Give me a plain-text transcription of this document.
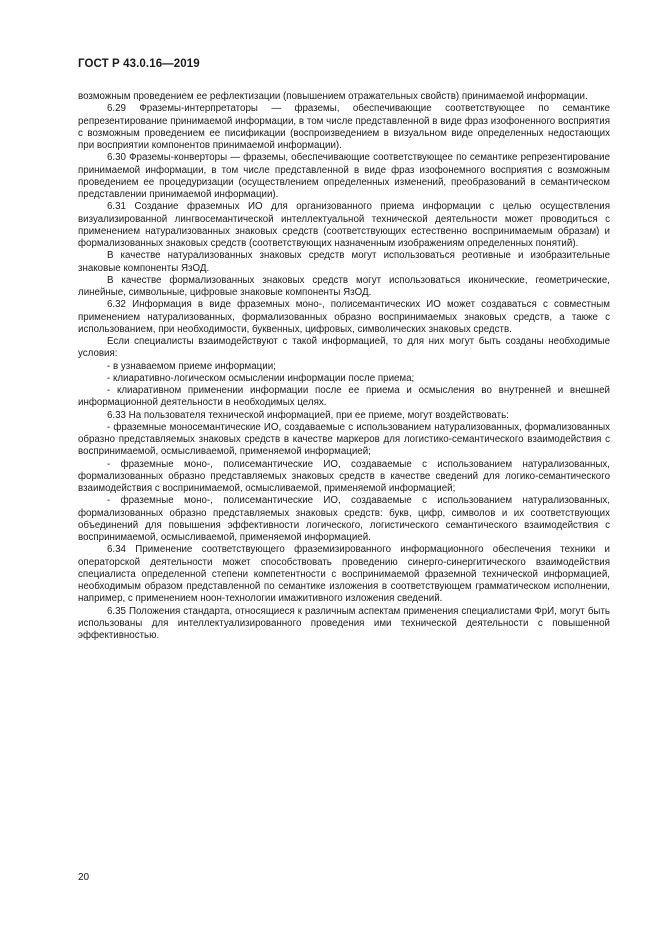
ГОСТ Р 43.0.16—2019

возможным проведением ее рефлектизации (повышением отражательных свойств) принимаемой информации.

6.29 Фраземы-интерпретаторы — фраземы, обеспечивающие соответствующее по семантике репрезентирование принимаемой информации, в том числе представленной в виде фраз изофоненного восприятия с возможным проведением ее писификации (воспроизведением в визуальном виде определенных недостающих при восприятии компонентов принимаемой информации).

6.30 Фраземы-конверторы — фраземы, обеспечивающие соответствующее по семантике репрезентирование принимаемой информации, в том числе представленной в виде фраз изофонемного восприятия с возможным проведением ее процедуризации (осуществлением определенных изменений, преобразований в семантическом представлении принимаемой информации).

6.31 Создание фраземных ИО для организованного приема информации с целью осуществления визуализированной лингвосемантической интеллектуальной технической деятельности может проводиться с применением натурализованных знаковых средств (соответствующих естественно воспринимаемым образам) и формализованных знаковых средств (соответствующих назначенным изображениям определенных понятий).

В качестве натурализованных знаковых средств могут использоваться реотивные и изобразительные знаковые компоненты ЯзОД.

В качестве формализованных знаковых средств могут использоваться иконические, геометрические, линейные, символьные, цифровые знаковые компоненты ЯзОД.

6.32 Информация в виде фраземных моно-, полисемантических ИО может создаваться с совместным применением натурализованных, формализованных образно воспринимаемых знаковых средств, а также с использованием, при необходимости, буквенных, цифровых, символических знаковых средств.

Если специалисты взаимодействуют с такой информацией, то для них могут быть созданы необходимые условия:

- в узнаваемом приеме информации;

- клиаративно-логическом осмыслении информации после приема;

- клиаративном применении информации после ее приема и осмысления во внутренней и внешней информационной деятельности в необходимых целях.

6.33 На пользователя технической информацией, при ее приеме, могут воздействовать:

- фраземные моносемантические ИО, создаваемые с использованием натурализованных, формализованных образно представляемых знаковых средств в качестве маркеров для логистико-семантического взаимодействия с воспринимаемой, осмысливаемой, применяемой информацией;

- фраземные моно-, полисемантические ИО, создаваемые с использованием натурализованных, формализованных образно представляемых знаковых средств в качестве сведений для логико-семантического взаимодействия с воспринимаемой, осмысливаемой, применяемой информацией;

- фраземные моно-, полисемантические ИО, создаваемые с использованием натурализованных, формализованных образно представляемых знаковых средств: букв, цифр, символов и их соответствующих объединений для повышения эффективности логического, логистического семантического взаимодействия с воспринимаемой, осмысливаемой, применяемой информацией.

6.34 Применение соответствующего фраземизированного информационного обеспечения техники и операторской деятельности может способствовать проведению синерго-синергитического взаимодействия специалиста определенной степени компетентности с воспринимаемой фраземной технической информацией, необходимым образом представленной по семантике изложения в соответствующем грамматическом исполнении, например, с применением ноон-технологии имажитивного изложения сведений.

6.35 Положения стандарта, относящиеся к различным аспектам применения специалистами ФрИ, могут быть использованы для интеллектуализированного проведения ими технической деятельности с повышенной эффективностью.

20
